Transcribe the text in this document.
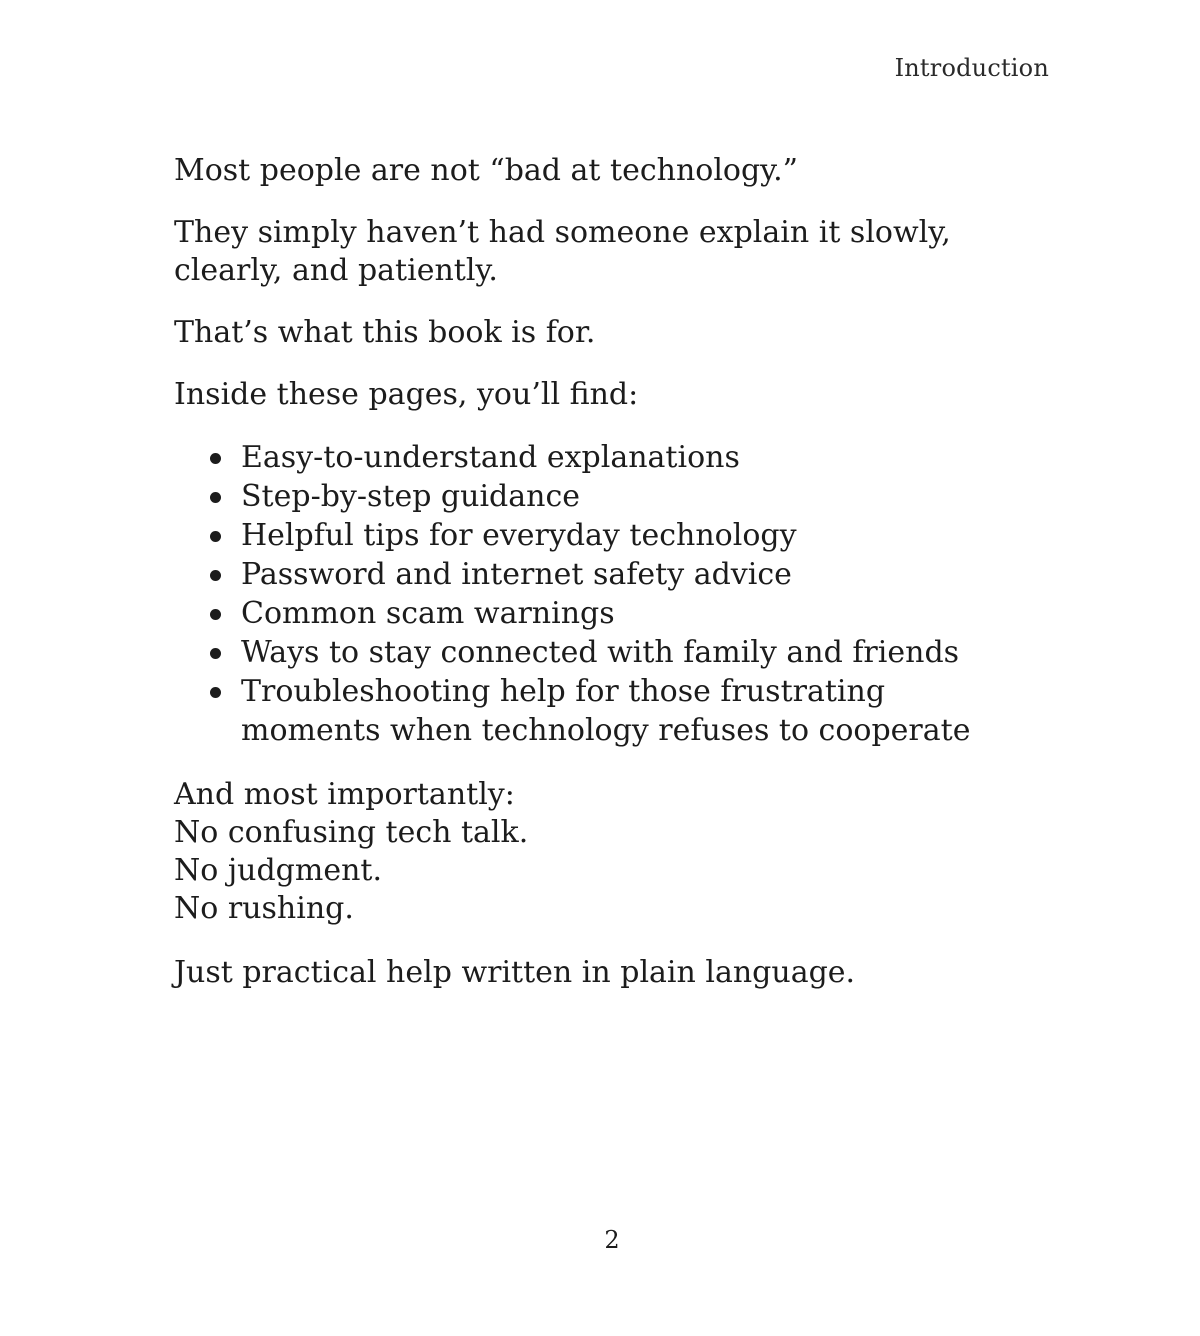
Introduction

Most people are not “bad at technology.”

They simply haven’t had someone explain it slowly, clearly, and patiently.

That’s what this book is for.

Inside these pages, you’ll find:

Easy-to-understand explanations
Step-by-step guidance
Helpful tips for everyday technology
Password and internet safety advice
Common scam warnings
Ways to stay connected with family and friends
Troubleshooting help for those frustrating moments when technology refuses to cooperate
And most importantly:
No confusing tech talk.
No judgment.
No rushing.

Just practical help written in plain language.

2
